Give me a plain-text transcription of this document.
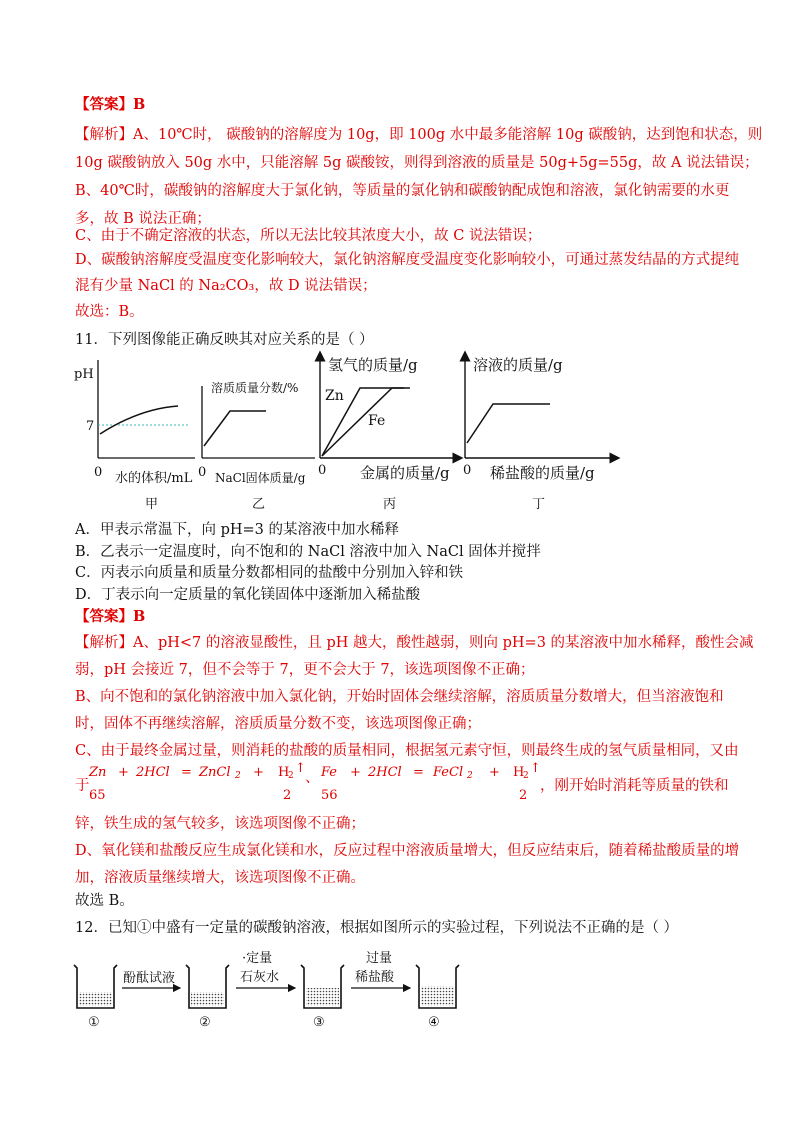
【答案】B
【解析】A、10℃时， 碳酸钠的溶解度为 10g，即 100g 水中最多能溶解 10g 碳酸钠，达到饱和状态，则
10g 碳酸钠放入 50g 水中，只能溶解 5g 碳酸铵，则得到溶液的质量是 50g+5g=55g，故 A 说法错误；
B、40℃时，碳酸钠的溶解度大于氯化钠，等质量的氯化钠和碳酸钠配成饱和溶液，氯化钠需要的水更
多，故 B 说法正确；
C、由于不确定溶液的状态，所以无法比较其浓度大小，故 C 说法错误；
D、碳酸钠溶解度受温度变化影响较大，氯化钠溶解度受温度变化影响较小，可通过蒸发结晶的方式提纯
混有少量 NaCl 的 Na₂CO₃，故 D 说法错误；
故选：B。
11．下列图像能正确反映其对应关系的是（ ）
pH
7
0 水的体积/mL
甲
溶质质量分数/%
0 NaCl固体质量/g
乙
氢气的质量/g
Zn
Fe
0 金属的质量/g
丙
溶液的质量/g
0 稀盐酸的质量/g
丁
A．甲表示常温下，向 pH=3 的某溶液中加水稀释
B．乙表示一定温度时，向不饱和的 NaCl 溶液中加入 NaCl 固体并搅拌
C．丙表示向质量和质量分数都相同的盐酸中分别加入锌和铁
D．丁表示向一定质量的氧化镁固体中逐渐加入稀盐酸
【答案】B
【解析】A、pH<7 的溶液显酸性，且 pH 越大，酸性越弱，则向 pH=3 的某溶液中加水稀释，酸性会减
弱，pH 会接近 7，但不会等于 7，更不会大于 7，该选项图像不正确；
B、向不饱和的氯化钠溶液中加入氯化钠，开始时固体会继续溶解，溶质质量分数增大，但当溶液饱和
时，固体不再继续溶解，溶质质量分数不变，该选项图像正确；
C、由于最终金属过量，则消耗的盐酸的质量相同，根据氢元素守恒，则最终生成的氢气质量相同，又由
于
Zn + 2HCl = ZnCl 2 + H
2 ↑
65	2
、 Fe + 2HCl = FeCl 2 + H
2 ↑
56	2
，刚开始时消耗等质量的铁和
锌，铁生成的氢气较多，该选项图像不正确；
D、氧化镁和盐酸反应生成氯化镁和水，反应过程中溶液质量增大，但反应结束后，随着稀盐酸质量的增
加，溶液质量继续增大，该选项图像不正确。
故选 B。
12．已知①中盛有一定量的碳酸钠溶液，根据如图所示的实验过程，下列说法不正确的是（ ）
①
酚酞试液
②
·定量
石灰水
③
过量
稀盐酸
④
